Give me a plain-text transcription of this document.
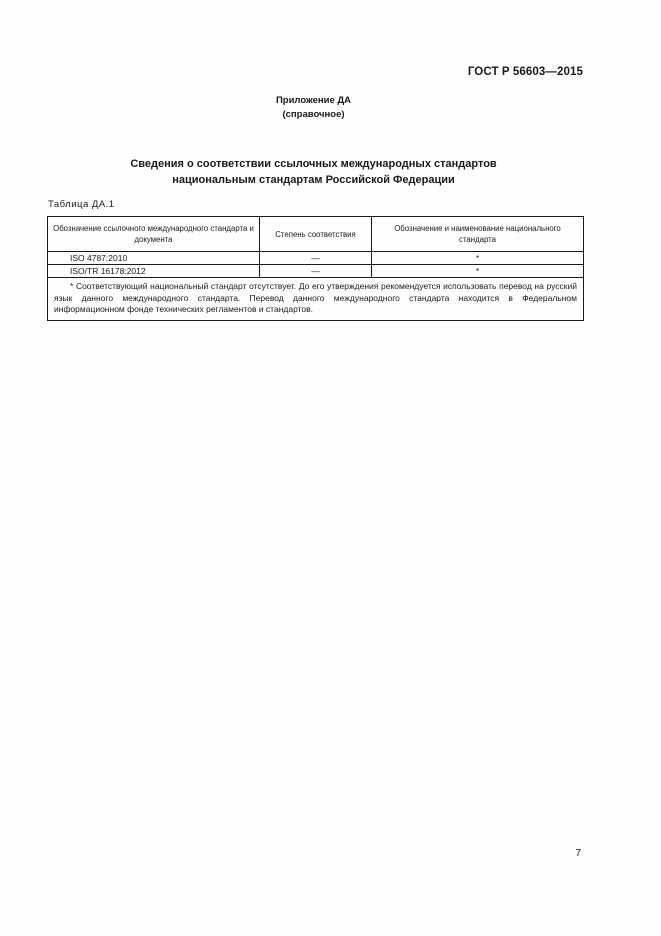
ГОСТ Р 56603—2015
Приложение ДА
(справочное)
Сведения о соответствии ссылочных международных стандартов
национальным стандартам Российской Федерации
Таблица ДА.1
Обозначение ссылочного международного стандарта и документа	Степень соответствия	Обозначение и наименование национального стандарта
ISO 4787:2010	—	*
ISO/TR 16178:2012	—	*

* Соответствующий национальный стандарт отсутствует. До его утверждения рекомендуется использовать перевод на русский язык данного международного стандарта. Перевод данного международного стандарта находится в Федеральном информационном фонде технических регламентов и стандартов.		
7
